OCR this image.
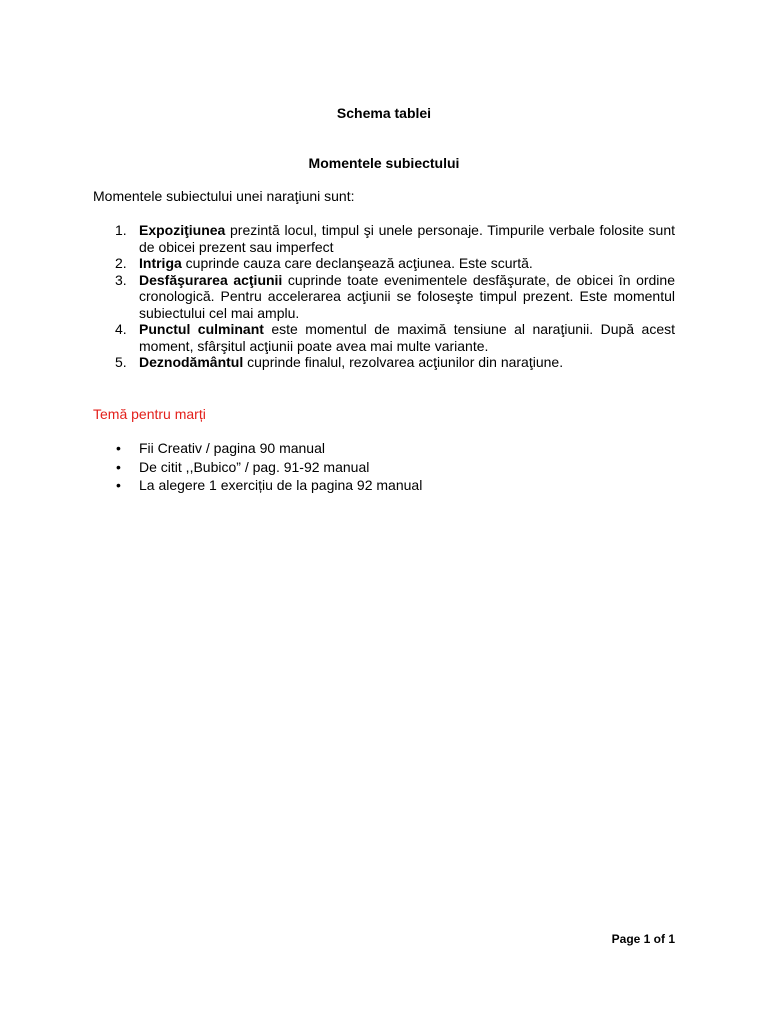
Schema tablei
Momentele subiectului
Momentele subiectului unei naraţiuni sunt:
1. Expoziţiunea prezintă locul, timpul şi unele personaje. Timpurile verbale folosite sunt de obicei prezent sau imperfect
2. Intriga cuprinde cauza care declanşează acţiunea. Este scurtă.
3. Desfăşurarea acţiunii cuprinde toate evenimentele desfăşurate, de obicei în ordine cronologică. Pentru accelerarea acţiunii se foloseşte timpul prezent. Este momentul subiectului cel mai amplu.
4. Punctul culminant este momentul de maximă tensiune al naraţiunii. După acest moment, sfârşitul acţiunii poate avea mai multe variante.
5. Deznodământul cuprinde finalul, rezolvarea acţiunilor din naraţiune.
Temă pentru marți
• Fii Creativ / pagina 90 manual
• De citit ,,Bubico” / pag. 91-92 manual
• La alegere 1 exercițiu de la pagina 92 manual
Page 1 of 1
